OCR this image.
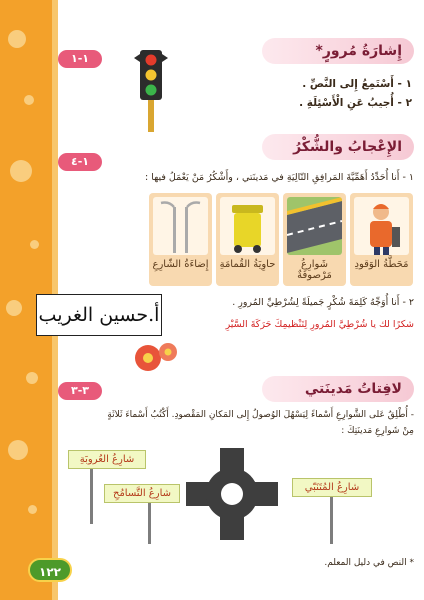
١-١	إِشارَةُ مُرورٍ*
١ - أَسْتَمِعُ إِلى النَّصِّ .
٢ - أُجيبُ عَنِ الْأَسْئِلَةِ .
الإِعْجابُ والشُّكْرُ
١-٤
١ - أَنا أُحَدِّدُ أَهَمِّيَّةَ المَرافِقِ التّالِيَةِ في مَدينَتي ، وأَشْكُرُ مَنْ يَعْمَلُ فيها :
مَحَطَّةُ الوَقودِ
شَوارِعُ مَرْصوفَةٌ
حاوِيَةُ القُمامَةِ
إِضاءَةُ الشّارِعِ
أ.حسين الغريب
٢ - أَنا أُوَجِّهُ كَلِمَةَ شُكْرٍ جَميلَةً لِشُرْطِيِّ المُرورِ .
شكرًا لك يا شُرْطِيَّ المُرورِ لِتَنْظيمِكَ حَرَكَةَ السَّيْرِ
لافِتاتُ مَدينَتي
٣-٣
- أُطْلِقُ عَلى الشَّوارِعِ أَسْماءً لِيَسْهُلَ الوُصولُ إِلى المَكانِ المَقْصودِ. أَكْتُبُ أَسْماءَ ثَلاثَةٍ
مِنْ شَوارِعِ مَدينَتِكَ :
شارِعُ العُروبَةِ
شارِعُ التَّسامُحِ
شارِعُ المُتَنَبّي
* النص في دليل المعلم.
١٢٢
